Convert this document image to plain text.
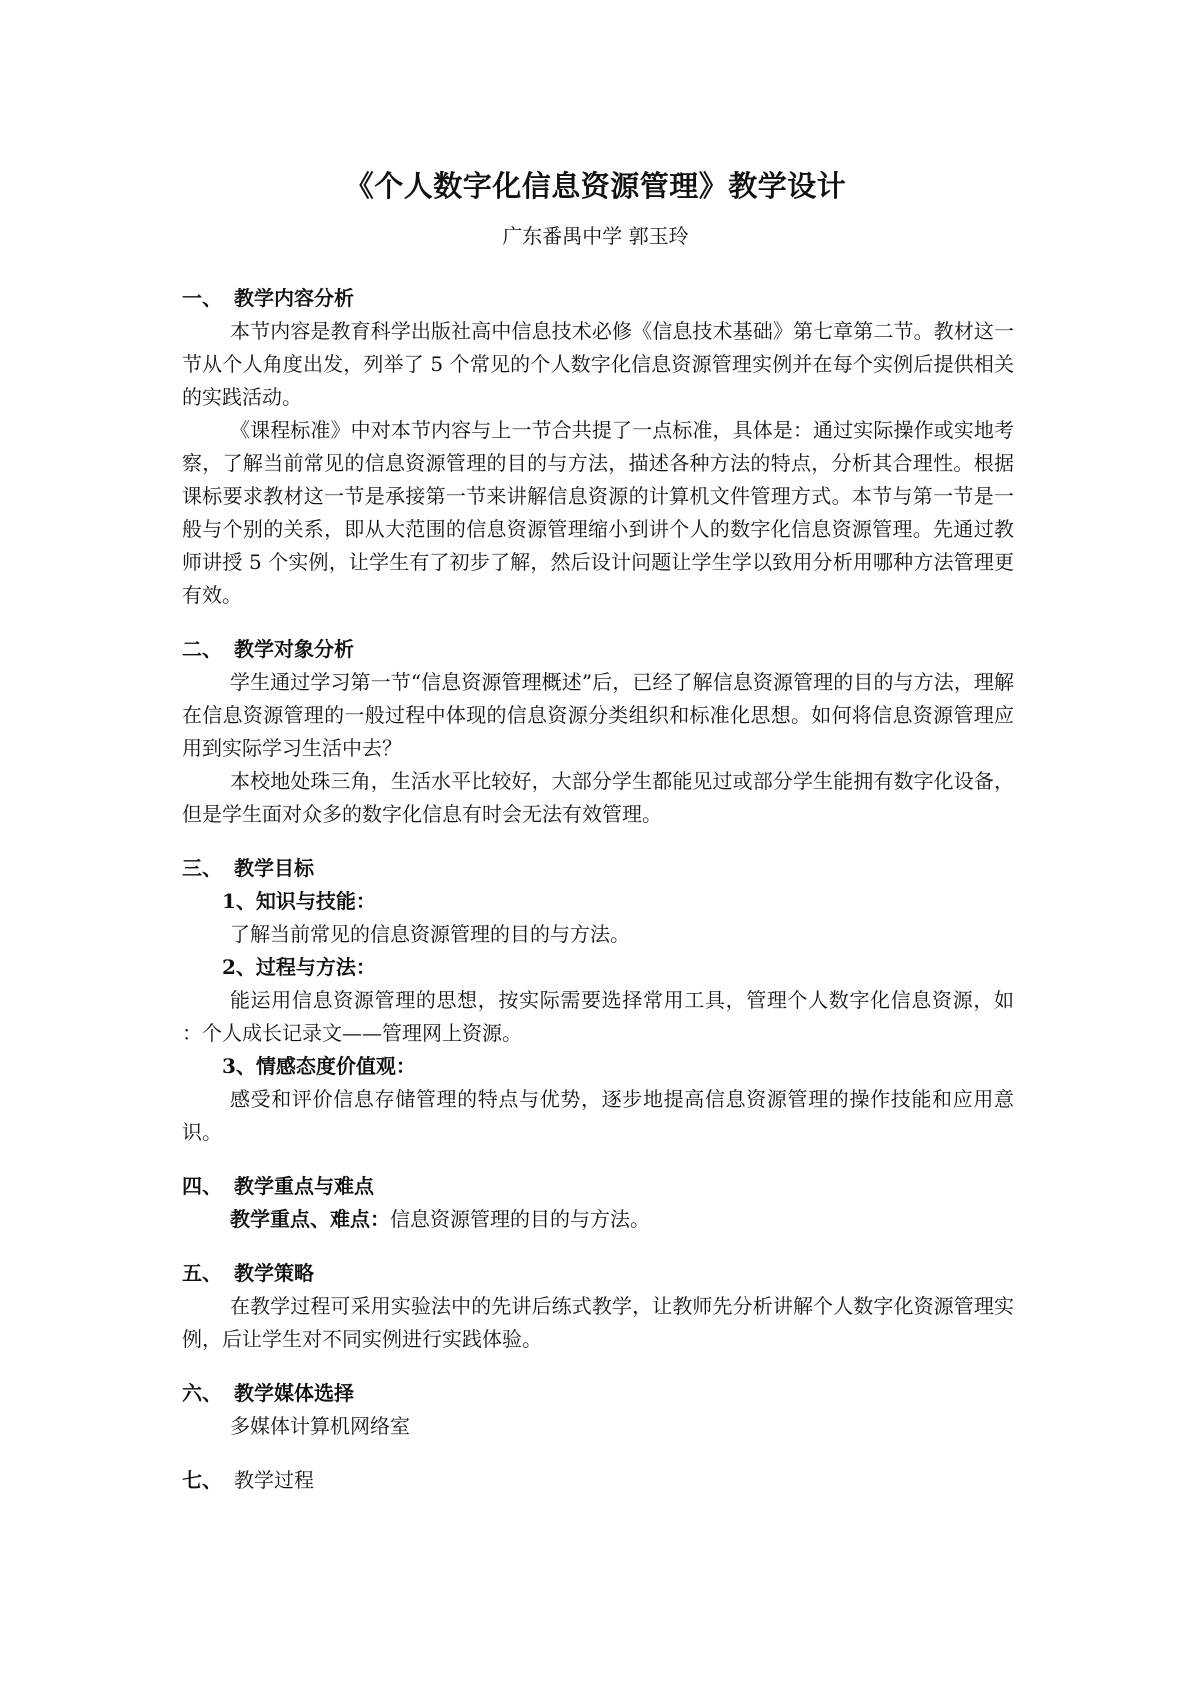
《个人数字化信息资源管理》教学设计
广东番禺中学 郭玉玲
一、 教学内容分析

本节内容是教育科学出版社高中信息技术必修《信息技术基础》第七章第二节。教材这一节从个人角度出发，列举了 5 个常见的个人数字化信息资源管理实例并在每个实例后提供相关的实践活动。

《课程标准》中对本节内容与上一节合共提了一点标准，具体是：通过实际操作或实地考察，了解当前常见的信息资源管理的目的与方法，描述各种方法的特点，分析其合理性。根据课标要求教材这一节是承接第一节来讲解信息资源的计算机文件管理方式。本节与第一节是一般与个别的关系，即从大范围的信息资源管理缩小到讲个人的数字化信息资源管理。先通过教师讲授 5 个实例，让学生有了初步了解，然后设计问题让学生学以致用分析用哪种方法管理更有效。

二、 教学对象分析

学生通过学习第一节“信息资源管理概述”后，已经了解信息资源管理的目的与方法，理解在信息资源管理的一般过程中体现的信息资源分类组织和标准化思想。如何将信息资源管理应用到实际学习生活中去？

本校地处珠三角，生活水平比较好，大部分学生都能见过或部分学生能拥有数字化设备，但是学生面对众多的数字化信息有时会无法有效管理。

三、 教学目标

1、知识与技能：

了解当前常见的信息资源管理的目的与方法。

2、过程与方法：

能运用信息资源管理的思想，按实际需要选择常用工具，管理个人数字化信息资源，如 ：个人成长记录文——管理网上资源。

3、情感态度价值观：

感受和评价信息存储管理的特点与优势，逐步地提高信息资源管理的操作技能和应用意识。

四、 教学重点与难点

教学重点、难点：信息资源管理的目的与方法。

五、 教学策略

在教学过程可采用实验法中的先讲后练式教学，让教师先分析讲解个人数字化资源管理实例，后让学生对不同实例进行实践体验。

六、 教学媒体选择

多媒体计算机网络室

七、 教学过程
